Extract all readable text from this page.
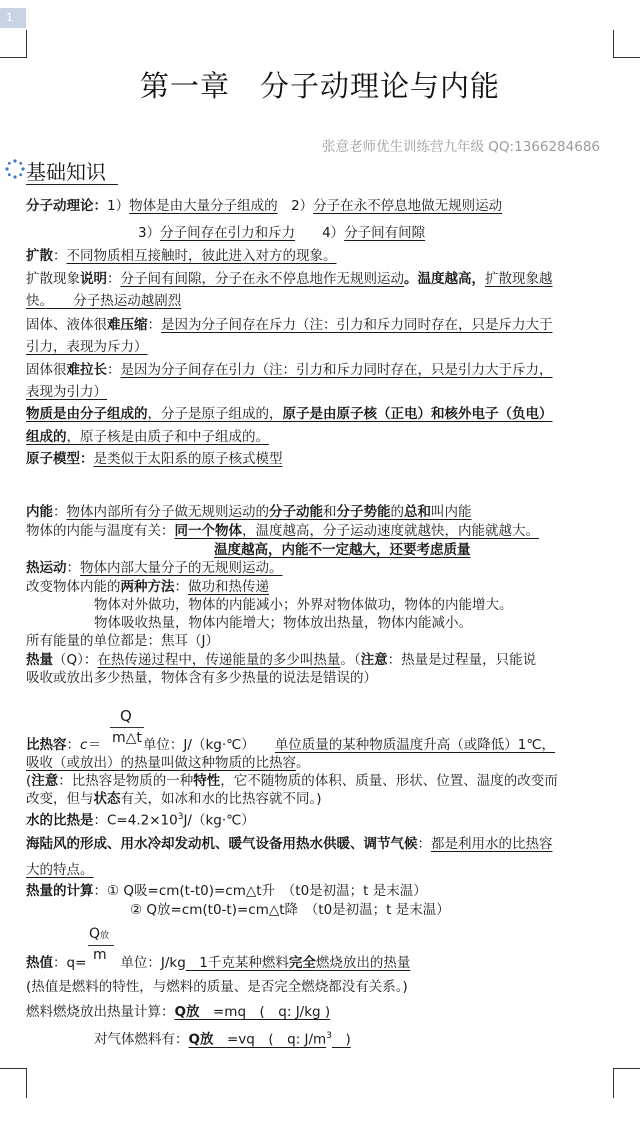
1
第一章　分子动理论与内能
张意老师优生训练营九年级 QQ:1366284686
基础知识
分子动理论：1）物体是由大量分子组成的　2）分子在永不停息地做无规则运动
3）分子间存在引力和斥力　　4）分子间有间隙
扩散：不同物质相互接触时，彼此进入对方的现象。
扩散现象说明：分子间有间隙，分子在永不停息地作无规则运动。温度越高，扩散现象越
快。　　分子热运动越剧烈
固体、液体很难压缩：是因为分子间存在斥力（注：引力和斥力同时存在，只是斥力大于
引力，表现为斥力）
固体很难拉长：是因为分子间存在引力（注：引力和斥力同时存在，只是引力大于斥力，
表现为引力）
物质是由分子组成的，分子是原子组成的，原子是由原子核（正电）和核外电子（负电）
组成的，原子核是由质子和中子组成的。
原子模型：是类似于太阳系的原子核式模型
内能：物体内部所有分子做无规则运动的分子动能和分子势能的总和叫内能
物体的内能与温度有关：同一个物体，温度越高，分子运动速度就越快，内能就越大。
温度越高，内能不一定越大，还要考虑质量
热运动：物体内部大量分子的无规则运动。
改变物体内能的两种方法：做功和热传递
物体对外做功，物体的内能减小；外界对物体做功，物体的内能增大。
物体吸收热量，物体内能增大；物体放出热量，物体内能减小。
所有能量的单位都是：焦耳（J）
热量（Q）：在热传递过程中，传递能量的多少叫热量。（注意：热量是过程量，只能说
吸收或放出多少热量，物体含有多少热量的说法是错误的）
Q
m△t
比热容：c＝	单位：J/（kg·℃） 单位质量的某种物质温度升高（或降低）1℃，
吸收（或放出）的热量叫做这种物质的比热容。
(注意：比热容是物质的一种特性，它不随物质的体积、质量、形状、位置、温度的改变而
改变，但与状态有关，如冰和水的比热容就不同。)
水的比热是：$C=4.2\times 10^3J/(kg\cdot℃)$
海陆风的形成、用水冷却发动机、暖气设备用热水供暖、调节气候：都是利用水的比热容
大的特点。
热量的计算：① Q吸=cm(t-t0)=cm△t升　（t0是初温；t 是末温）
② Q放=cm(t0-t)=cm△t降　（t0是初温；t 是末温）
Q放
m
热值：q=	单位：J/kg　1千克某种燃料完全燃烧放出的热量
(热值是燃料的特性，与燃料的质量、是否完全燃烧都没有关系。)
燃料燃烧放出热量计算：Q放　=mq　(　q: J/kg )
对气体燃料有：Q放　=vq　(　q: $J/m^3$　)
